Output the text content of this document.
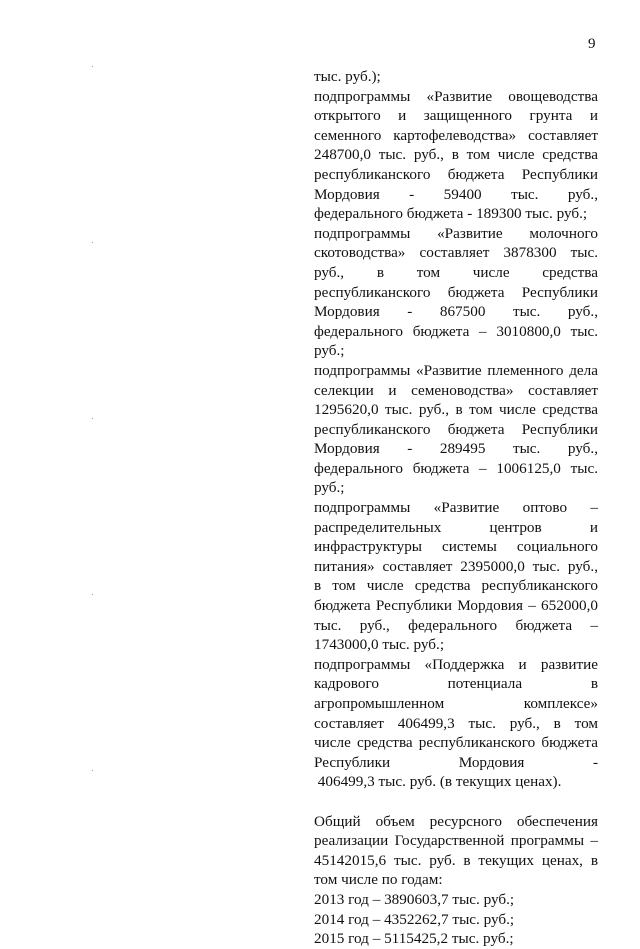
9
тыс. руб.);
подпрограммы «Развитие овощеводства
открытого и защищенного грунта и
семенного картофелеводства» составляет
248700,0 тыс. руб., в том числе средства
республиканского бюджета Республики
Мордовия - 59400 тыс. руб.,
федерального бюджета - 189300 тыс. руб.;
подпрограммы «Развитие молочного
скотоводства» составляет 3878300 тыс.
руб., в том числе средства
республиканского бюджета Республики
Мордовия - 867500 тыс. руб.,
федерального бюджета – 3010800,0 тыс.
руб.;
подпрограммы «Развитие племенного дела
селекции и семеноводства» составляет
1295620,0 тыс. руб., в том числе средства
республиканского бюджета Республики
Мордовия - 289495 тыс. руб.,
федерального бюджета – 1006125,0 тыс.
руб.;
подпрограммы «Развитие оптово –
распределительных центров и
инфраструктуры системы социального
питания» составляет 2395000,0 тыс. руб.,
в том числе средства республиканского
бюджета Республики Мордовия – 652000,0
тыс. руб., федерального бюджета –
1743000,0 тыс. руб.;
подпрограммы «Поддержка и развитие
кадрового потенциала в
агропромышленном комплексе»
составляет 406499,3 тыс. руб., в том
числе средства республиканского бюджета
Республики Мордовия -
406499,3 тыс. руб. (в текущих ценах).
Общий объем ресурсного обеспечения
реализации Государственной программы –
45142015,6 тыс. руб. в текущих ценах, в
том числе по годам:
2013 год – 3890603,7 тыс. руб.;
2014 год – 4352262,7 тыс. руб.;
2015 год – 5115425,2 тыс. руб.;
